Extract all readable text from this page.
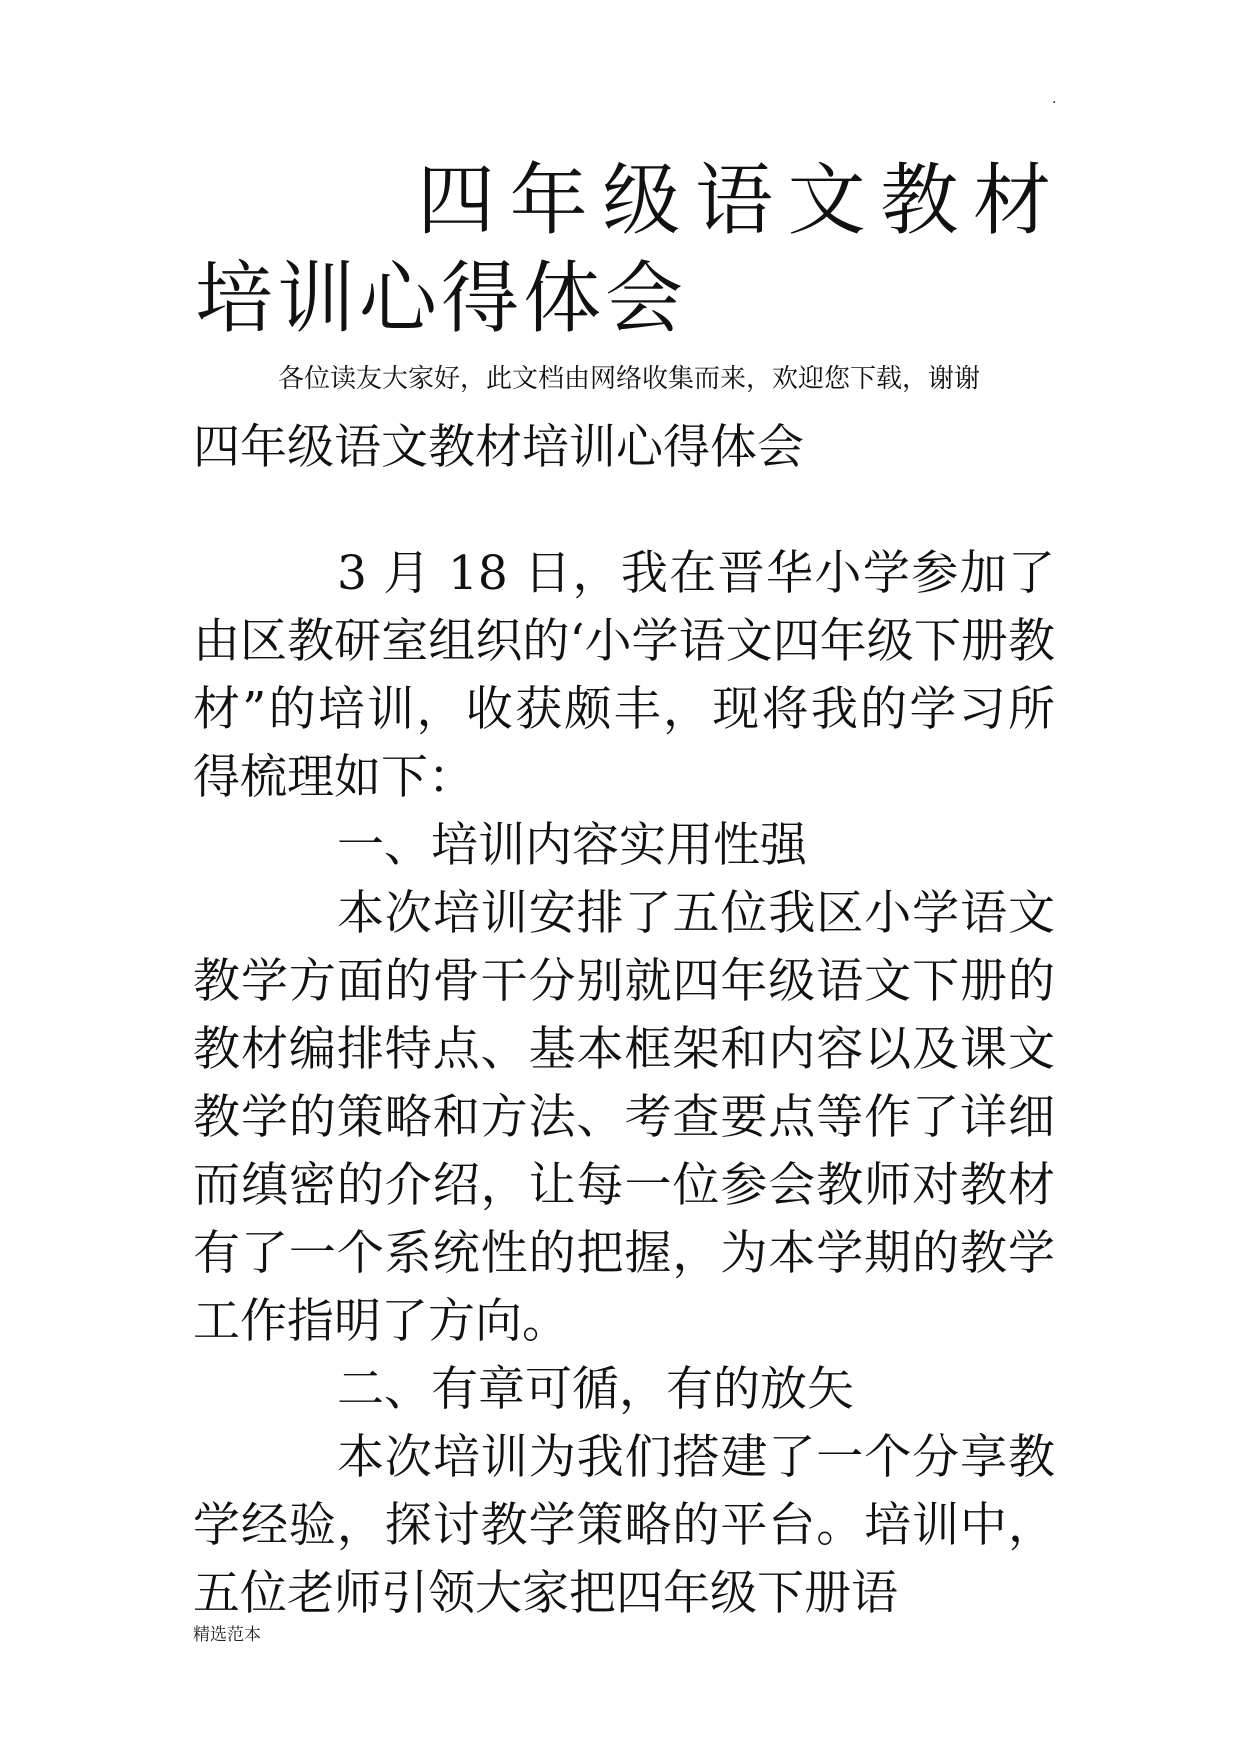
.
四年级语文教材培训心得体会

各位读友大家好，此文档由网络收集而来，欢迎您下载，谢谢

四年级语文教材培训心得体会

3 月 18 日，我在晋华小学参加了由区教研室组织的‘小学语文四年级下册教材”的培训，收获颇丰，现将我的学习所得梳理如下：

一、培训内容实用性强

本次培训安排了五位我区小学语文教学方面的骨干分别就四年级语文下册的教材编排特点、基本框架和内容以及课文教学的策略和方法、考查要点等作了详细而缜密的介绍，让每一位参会教师对教材有了一个系统性的把握，为本学期的教学工作指明了方向。

二、有章可循，有的放矢

本次培训为我们搭建了一个分享教学经验，探讨教学策略的平台。培训中，五位老师引领大家把四年级下册语

精选范本
